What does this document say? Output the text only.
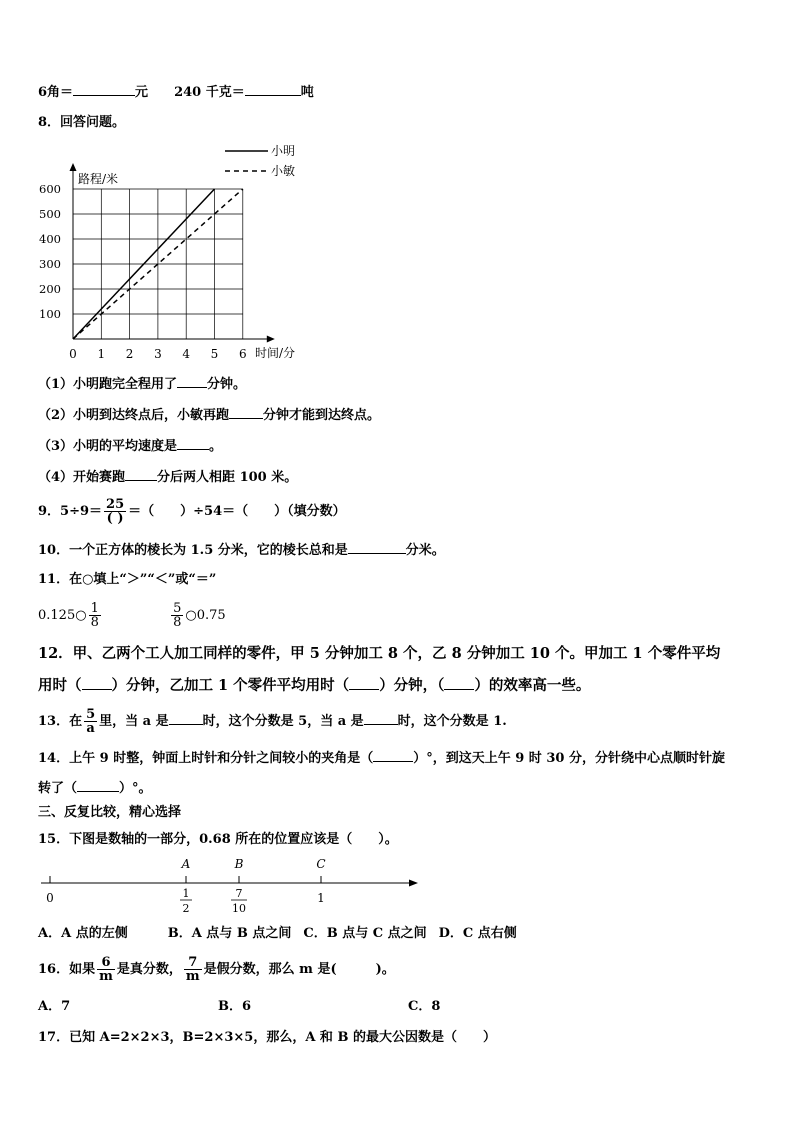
6角＝	元 240 千克＝	吨
8．回答问题。
0 1 2 3 4 5 6
100
200
300
400
500
600
小明
小敏
路程/米
时间/分
（1）小明跑完全程用了 分钟。
（2）小明到达终点后，小敏再跑	分钟才能到达终点。
（3）小明的平均速度是 。
（4）开始赛跑 分后两人相距 100 米。
9．$5\div 9= \frac{25}{( )}$ ＝（　　）÷54＝（　　）（填分数）
10．一个正方体的棱长为 1.5 分米，它的棱长总和是	分米。
11．在○填上“＞”“＜”或“＝”
0.125○ $\frac{1}{8}$
	$\frac{5}{8}$ ○0.75
12．甲、乙两个工人加工同样的零件，甲 5 分钟加工 8 个，乙 8 分钟加工 10 个。甲加工 1 个零件平均
用时（ ）分钟，乙加工 1 个零件平均用时（ ）分钟，（ ）的效率高一些。
13．在 $\frac{5}{a}$ 里，当 a 是	时，这个分数是 5，当 a 是	时，这个分数是 1.
14．上午 9 时整，钟面上时针和分针之间较小的夹角是（	）°，到这天上午 9 时 30 分，分针绕中心点顺时针旋
转了（	）°。
三、反复比较，精心选择
15．下图是数轴的一部分，0.68 所在的位置应该是（　　）。
A	B	C
0	1
2
7
10
1
A．A 点的左侧	B．A 点与 B 点之间 C．B 点与 C 点之间 D．C 点右侧
16．如果 $\frac{6}{m}$ 是真分数， $\frac{7}{m}$ 是假分数，那么 m 是(　　　)。
A．7	B．6	C．8
17．已知 A=2×2×3，B=2×3×5，那么，A 和 B 的最大公因数是（　　）
